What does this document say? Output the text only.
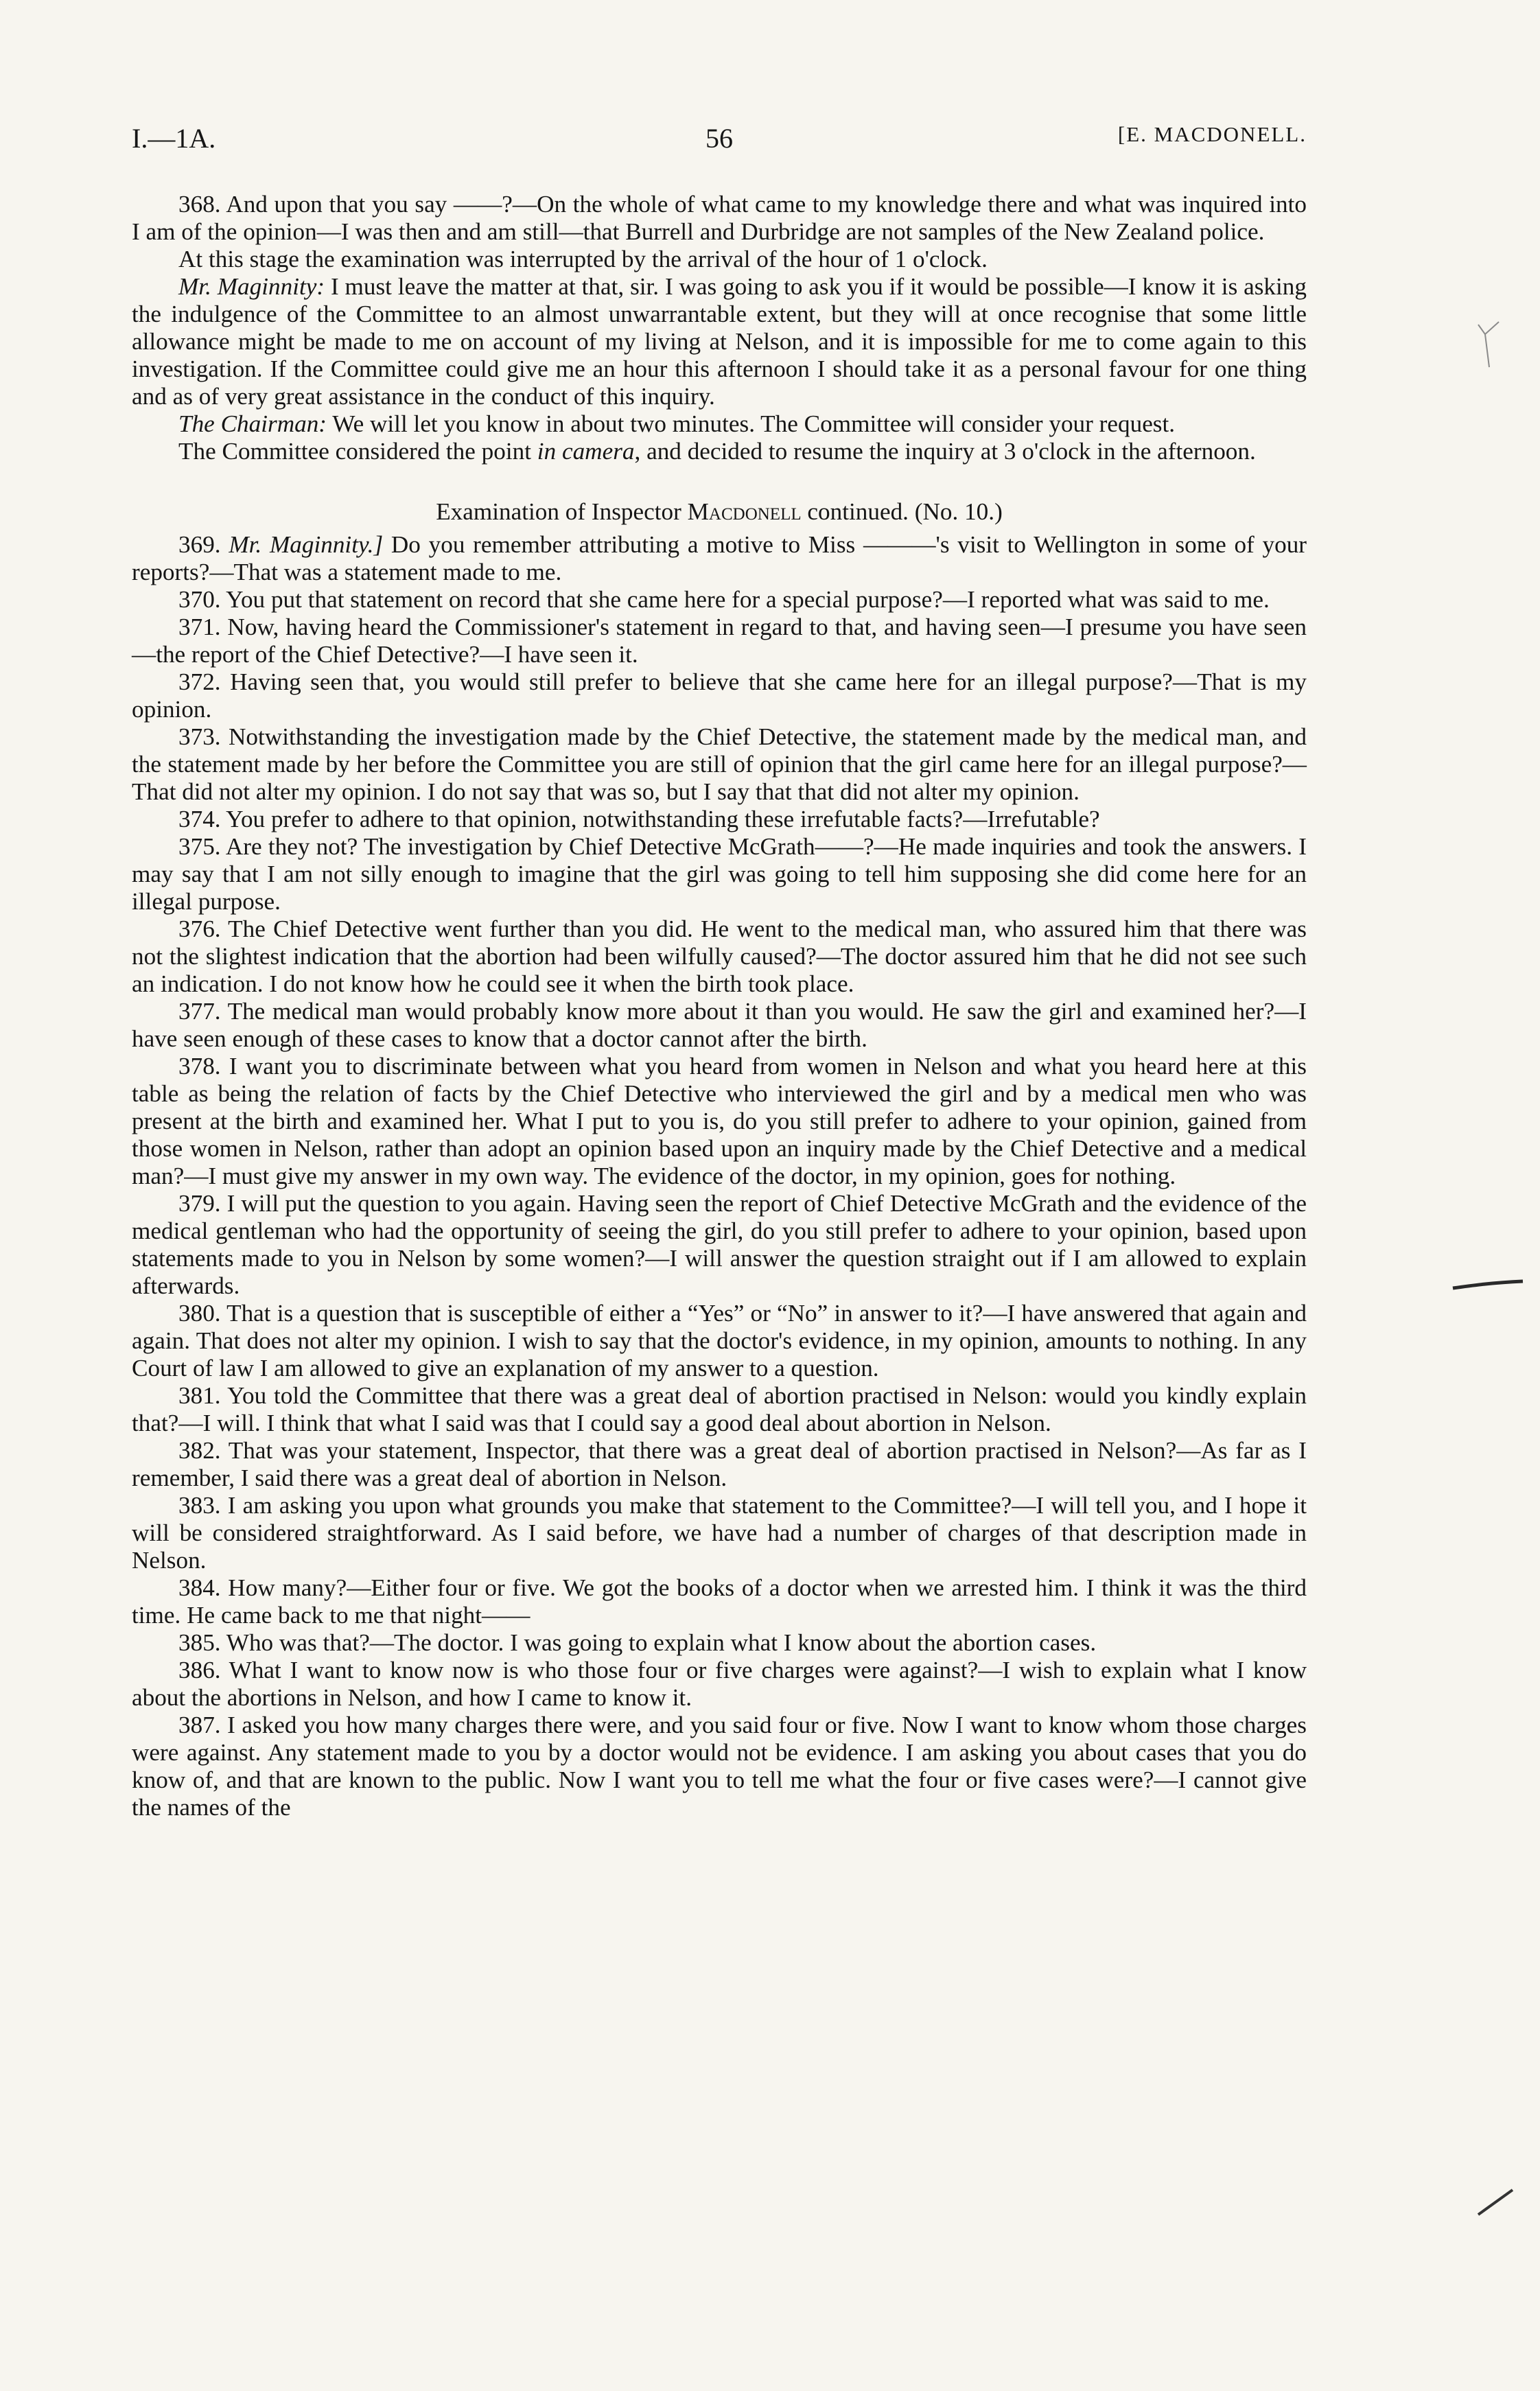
I.—1A.	56	[E. MACDONELL.

368. And upon that you say ——?—On the whole of what came to my knowledge there and what was inquired into I am of the opinion—I was then and am still—that Burrell and Durbridge are not samples of the New Zealand police.

At this stage the examination was interrupted by the arrival of the hour of 1 o'clock.

Mr. Maginnity: I must leave the matter at that, sir. I was going to ask you if it would be possible—I know it is asking the indulgence of the Committee to an almost unwarrantable extent, but they will at once recognise that some little allowance might be made to me on account of my living at Nelson, and it is impossible for me to come again to this investigation. If the Committee could give me an hour this afternoon I should take it as a personal favour for one thing and as of very great assistance in the conduct of this inquiry.

The Chairman: We will let you know in about two minutes. The Committee will consider your request.

The Committee considered the point in camera, and decided to resume the inquiry at 3 o'clock in the afternoon.

Examination of Inspector Macdonell continued. (No. 10.)

369. Mr. Maginnity.] Do you remember attributing a motive to Miss ———'s visit to Wellington in some of your reports?—That was a statement made to me.

370. You put that statement on record that she came here for a special purpose?—I reported what was said to me.

371. Now, having heard the Commissioner's statement in regard to that, and having seen—I presume you have seen—the report of the Chief Detective?—I have seen it.

372. Having seen that, you would still prefer to believe that she came here for an illegal purpose?—That is my opinion.

373. Notwithstanding the investigation made by the Chief Detective, the statement made by the medical man, and the statement made by her before the Committee you are still of opinion that the girl came here for an illegal purpose?—That did not alter my opinion. I do not say that was so, but I say that that did not alter my opinion.

374. You prefer to adhere to that opinion, notwithstanding these irrefutable facts?—Irrefutable?

375. Are they not? The investigation by Chief Detective McGrath——?—He made inquiries and took the answers. I may say that I am not silly enough to imagine that the girl was going to tell him supposing she did come here for an illegal purpose.

376. The Chief Detective went further than you did. He went to the medical man, who assured him that there was not the slightest indication that the abortion had been wilfully caused?—The doctor assured him that he did not see such an indication. I do not know how he could see it when the birth took place.

377. The medical man would probably know more about it than you would. He saw the girl and examined her?—I have seen enough of these cases to know that a doctor cannot after the birth.

378. I want you to discriminate between what you heard from women in Nelson and what you heard here at this table as being the relation of facts by the Chief Detective who interviewed the girl and by a medical men who was present at the birth and examined her. What I put to you is, do you still prefer to adhere to your opinion, gained from those women in Nelson, rather than adopt an opinion based upon an inquiry made by the Chief Detective and a medical man?—I must give my answer in my own way. The evidence of the doctor, in my opinion, goes for nothing.

379. I will put the question to you again. Having seen the report of Chief Detective McGrath and the evidence of the medical gentleman who had the opportunity of seeing the girl, do you still prefer to adhere to your opinion, based upon statements made to you in Nelson by some women?—I will answer the question straight out if I am allowed to explain afterwards.

380. That is a question that is susceptible of either a “Yes” or “No” in answer to it?—I have answered that again and again. That does not alter my opinion. I wish to say that the doctor's evidence, in my opinion, amounts to nothing. In any Court of law I am allowed to give an explanation of my answer to a question.

381. You told the Committee that there was a great deal of abortion practised in Nelson: would you kindly explain that?—I will. I think that what I said was that I could say a good deal about abortion in Nelson.

382. That was your statement, Inspector, that there was a great deal of abortion practised in Nelson?—As far as I remember, I said there was a great deal of abortion in Nelson.

383. I am asking you upon what grounds you make that statement to the Committee?—I will tell you, and I hope it will be considered straightforward. As I said before, we have had a number of charges of that description made in Nelson.

384. How many?—Either four or five. We got the books of a doctor when we arrested him. I think it was the third time. He came back to me that night——

385. Who was that?—The doctor. I was going to explain what I know about the abortion cases.

386. What I want to know now is who those four or five charges were against?—I wish to explain what I know about the abortions in Nelson, and how I came to know it.

387. I asked you how many charges there were, and you said four or five. Now I want to know whom those charges were against. Any statement made to you by a doctor would not be evidence. I am asking you about cases that you do know of, and that are known to the public. Now I want you to tell me what the four or five cases were?—I cannot give the names of the
